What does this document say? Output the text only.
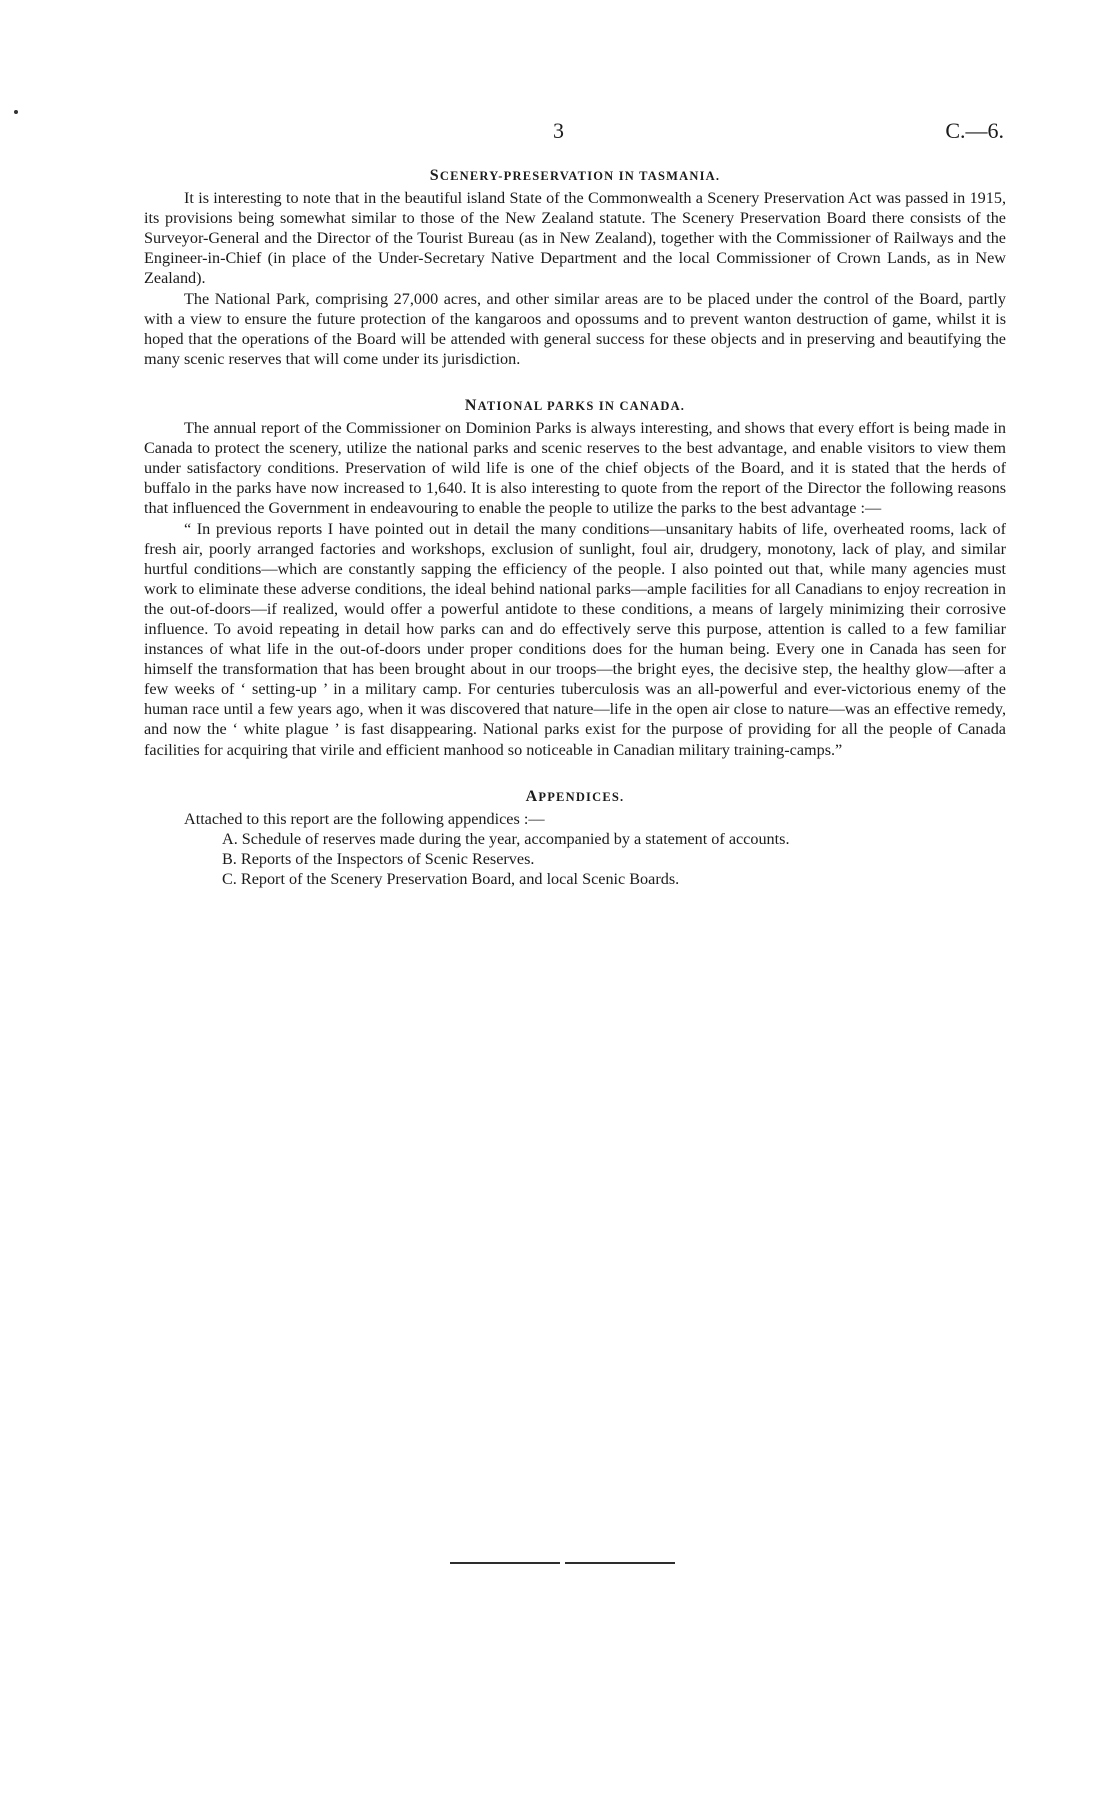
3	C.—6.
SCENERY-PRESERVATION IN TASMANIA.

It is interesting to note that in the beautiful island State of the Commonwealth a Scenery Preservation Act was passed in 1915, its provisions being somewhat similar to those of the New Zealand statute. The Scenery Preservation Board there consists of the Surveyor-General and the Director of the Tourist Bureau (as in New Zealand), together with the Commissioner of Railways and the Engineer-in-Chief (in place of the Under-Secretary Native Department and the local Commissioner of Crown Lands, as in New Zealand).

The National Park, comprising 27,000 acres, and other similar areas are to be placed under the control of the Board, partly with a view to ensure the future protection of the kangaroos and opossums and to prevent wanton destruction of game, whilst it is hoped that the operations of the Board will be attended with general success for these objects and in preserving and beautifying the many scenic reserves that will come under its jurisdiction.

NATIONAL PARKS IN CANADA.

The annual report of the Commissioner on Dominion Parks is always interesting, and shows that every effort is being made in Canada to protect the scenery, utilize the national parks and scenic reserves to the best advantage, and enable visitors to view them under satisfactory conditions. Preservation of wild life is one of the chief objects of the Board, and it is stated that the herds of buffalo in the parks have now increased to 1,640. It is also interesting to quote from the report of the Director the following reasons that influenced the Government in endeavouring to enable the people to utilize the parks to the best advantage :—

“ In previous reports I have pointed out in detail the many conditions—unsanitary habits of life, overheated rooms, lack of fresh air, poorly arranged factories and workshops, exclusion of sunlight, foul air, drudgery, monotony, lack of play, and similar hurtful conditions—which are constantly sapping the efficiency of the people. I also pointed out that, while many agencies must work to eliminate these adverse conditions, the ideal behind national parks—ample facilities for all Canadians to enjoy recreation in the out-of-doors—if realized, would offer a powerful antidote to these conditions, a means of largely minimizing their corrosive influence. To avoid repeating in detail how parks can and do effectively serve this purpose, attention is called to a few familiar instances of what life in the out-of-doors under proper conditions does for the human being. Every one in Canada has seen for himself the transformation that has been brought about in our troops—the bright eyes, the decisive step, the healthy glow—after a few weeks of ‘ setting-up ’ in a military camp. For centuries tuberculosis was an all-powerful and ever-victorious enemy of the human race until a few years ago, when it was discovered that nature—life in the open air close to nature—was an effective remedy, and now the ‘ white plague ’ is fast disappearing. National parks exist for the purpose of providing for all the people of Canada facilities for acquiring that virile and efficient manhood so noticeable in Canadian military training-camps.”

APPENDICES.

Attached to this report are the following appendices :—

A. Schedule of reserves made during the year, accompanied by a statement of accounts.
B. Reports of the Inspectors of Scenic Reserves.
C. Report of the Scenery Preservation Board, and local Scenic Boards.
